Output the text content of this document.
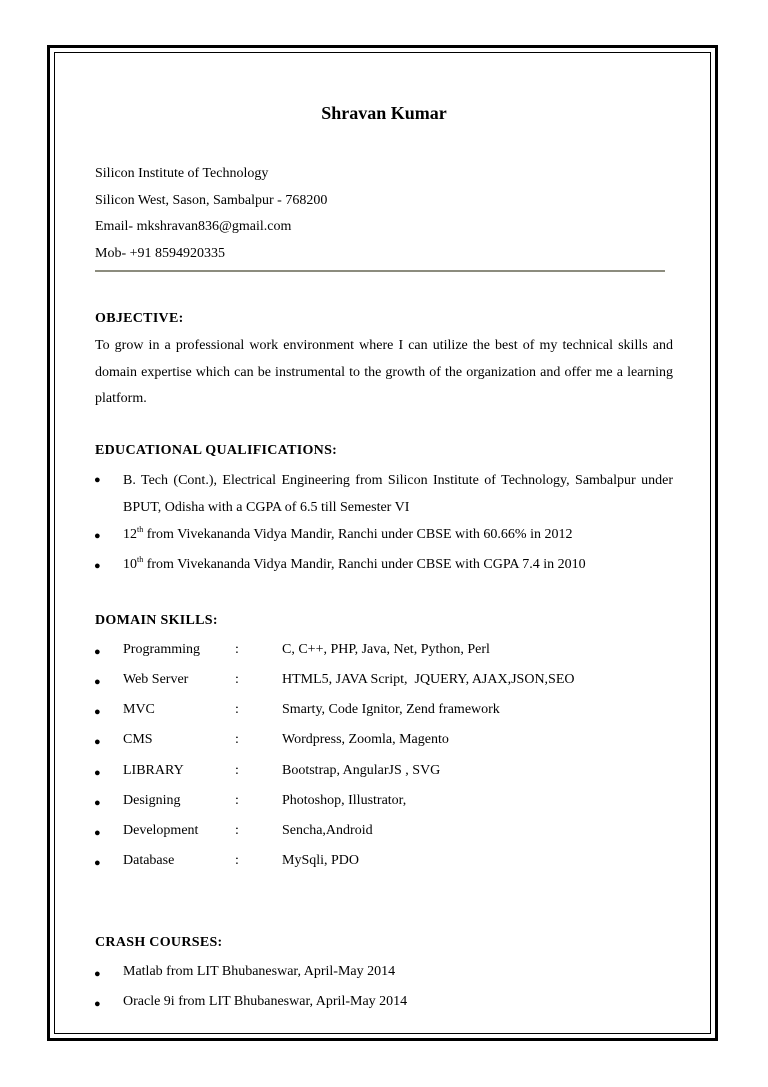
Shravan Kumar
Silicon Institute of Technology
Silicon West, Sason, Sambalpur - 768200
Email- mkshravan836@gmail.com
Mob- +91 8594920335
OBJECTIVE:
To grow in a professional work environment where I can utilize the best of my technical skills and domain expertise which can be instrumental to the growth of the organization and offer me a learning platform.
EDUCATIONAL QUALIFICATIONS:
● B. Tech (Cont.), Electrical Engineering from Silicon Institute of Technology, Sambalpur under BPUT, Odisha with a CGPA of 6.5 till Semester VI
● 12th from Vivekananda Vidya Mandir, Ranchi under CBSE with 60.66% in 2012
● 10th from Vivekananda Vidya Mandir, Ranchi under CBSE with CGPA 7.4 in 2010
DOMAIN SKILLS:
● Programming	:	C, C++, PHP, Java, Net, Python, Perl
● Web Server	:	HTML5, JAVA Script,  JQUERY, AJAX,JSON,SEO
● MVC	:	Smarty, Code Ignitor, Zend framework
● CMS	:	Wordpress, Zoomla, Magento
● LIBRARY	:	Bootstrap, AngularJS , SVG
● Designing	:	Photoshop, Illustrator,
● Development	:	Sencha,Android
● Database	:	MySqli, PDO
CRASH COURSES:
● Matlab from LIT Bhubaneswar, April-May 2014
● Oracle 9i from LIT Bhubaneswar, April-May 2014
